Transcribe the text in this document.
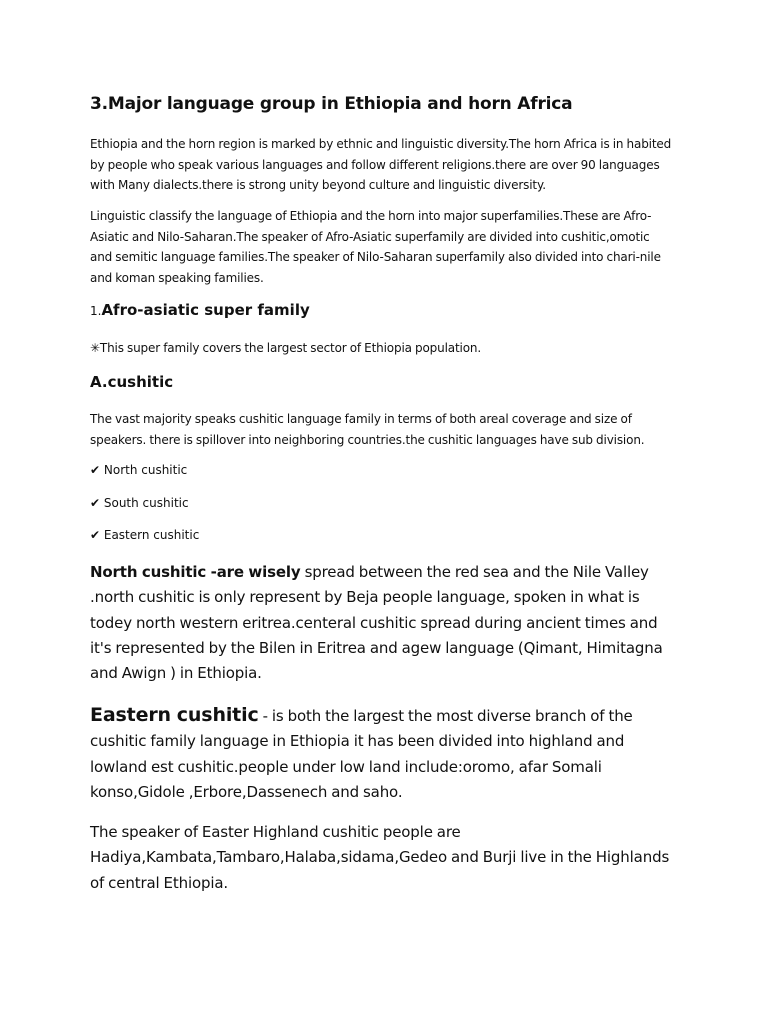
3.Major language group in Ethiopia and horn Africa

Ethiopia and the horn region is marked by ethnic and linguistic diversity.The horn Africa is in habited by people who speak various languages and follow different religions.there are over 90 languages with Many dialects.there is strong unity beyond culture and linguistic diversity.

Linguistic classify the language of Ethiopia and the horn into major superfamilies.These are Afro-Asiatic and Nilo-Saharan.The speaker of Afro-Asiatic superfamily are divided into cushitic,omotic and semitic language families.The speaker of Nilo-Saharan superfamily also divided into chari-nile and koman speaking families.

1.Afro-asiatic super family

✳This super family covers the largest sector of Ethiopia population.

A.cushitic

The vast majority speaks cushitic language family in terms of both areal coverage and size of speakers. there is spillover into neighboring countries.the cushitic languages have sub division.

✔ North cushitic
✔ South cushitic
✔ Eastern cushitic

North cushitic -are wisely spread between the red sea and the Nile Valley .north cushitic is only represent by Beja people language, spoken in what is todey north western eritrea.centeral cushitic spread during ancient times and it's represented by the Bilen in Eritrea and agew language (Qimant, Himitagna and Awign ) in Ethiopia.

Eastern cushitic - is both the largest the most diverse branch of the cushitic family language in Ethiopia it has been divided into highland and lowland est cushitic.people under low land include:oromo, afar Somali konso,Gidole ,Erbore,Dassenech and saho.

The speaker of Easter Highland cushitic people are Hadiya,Kambata,Tambaro,Halaba,sidama,Gedeo and Burji live in the Highlands of central Ethiopia.
